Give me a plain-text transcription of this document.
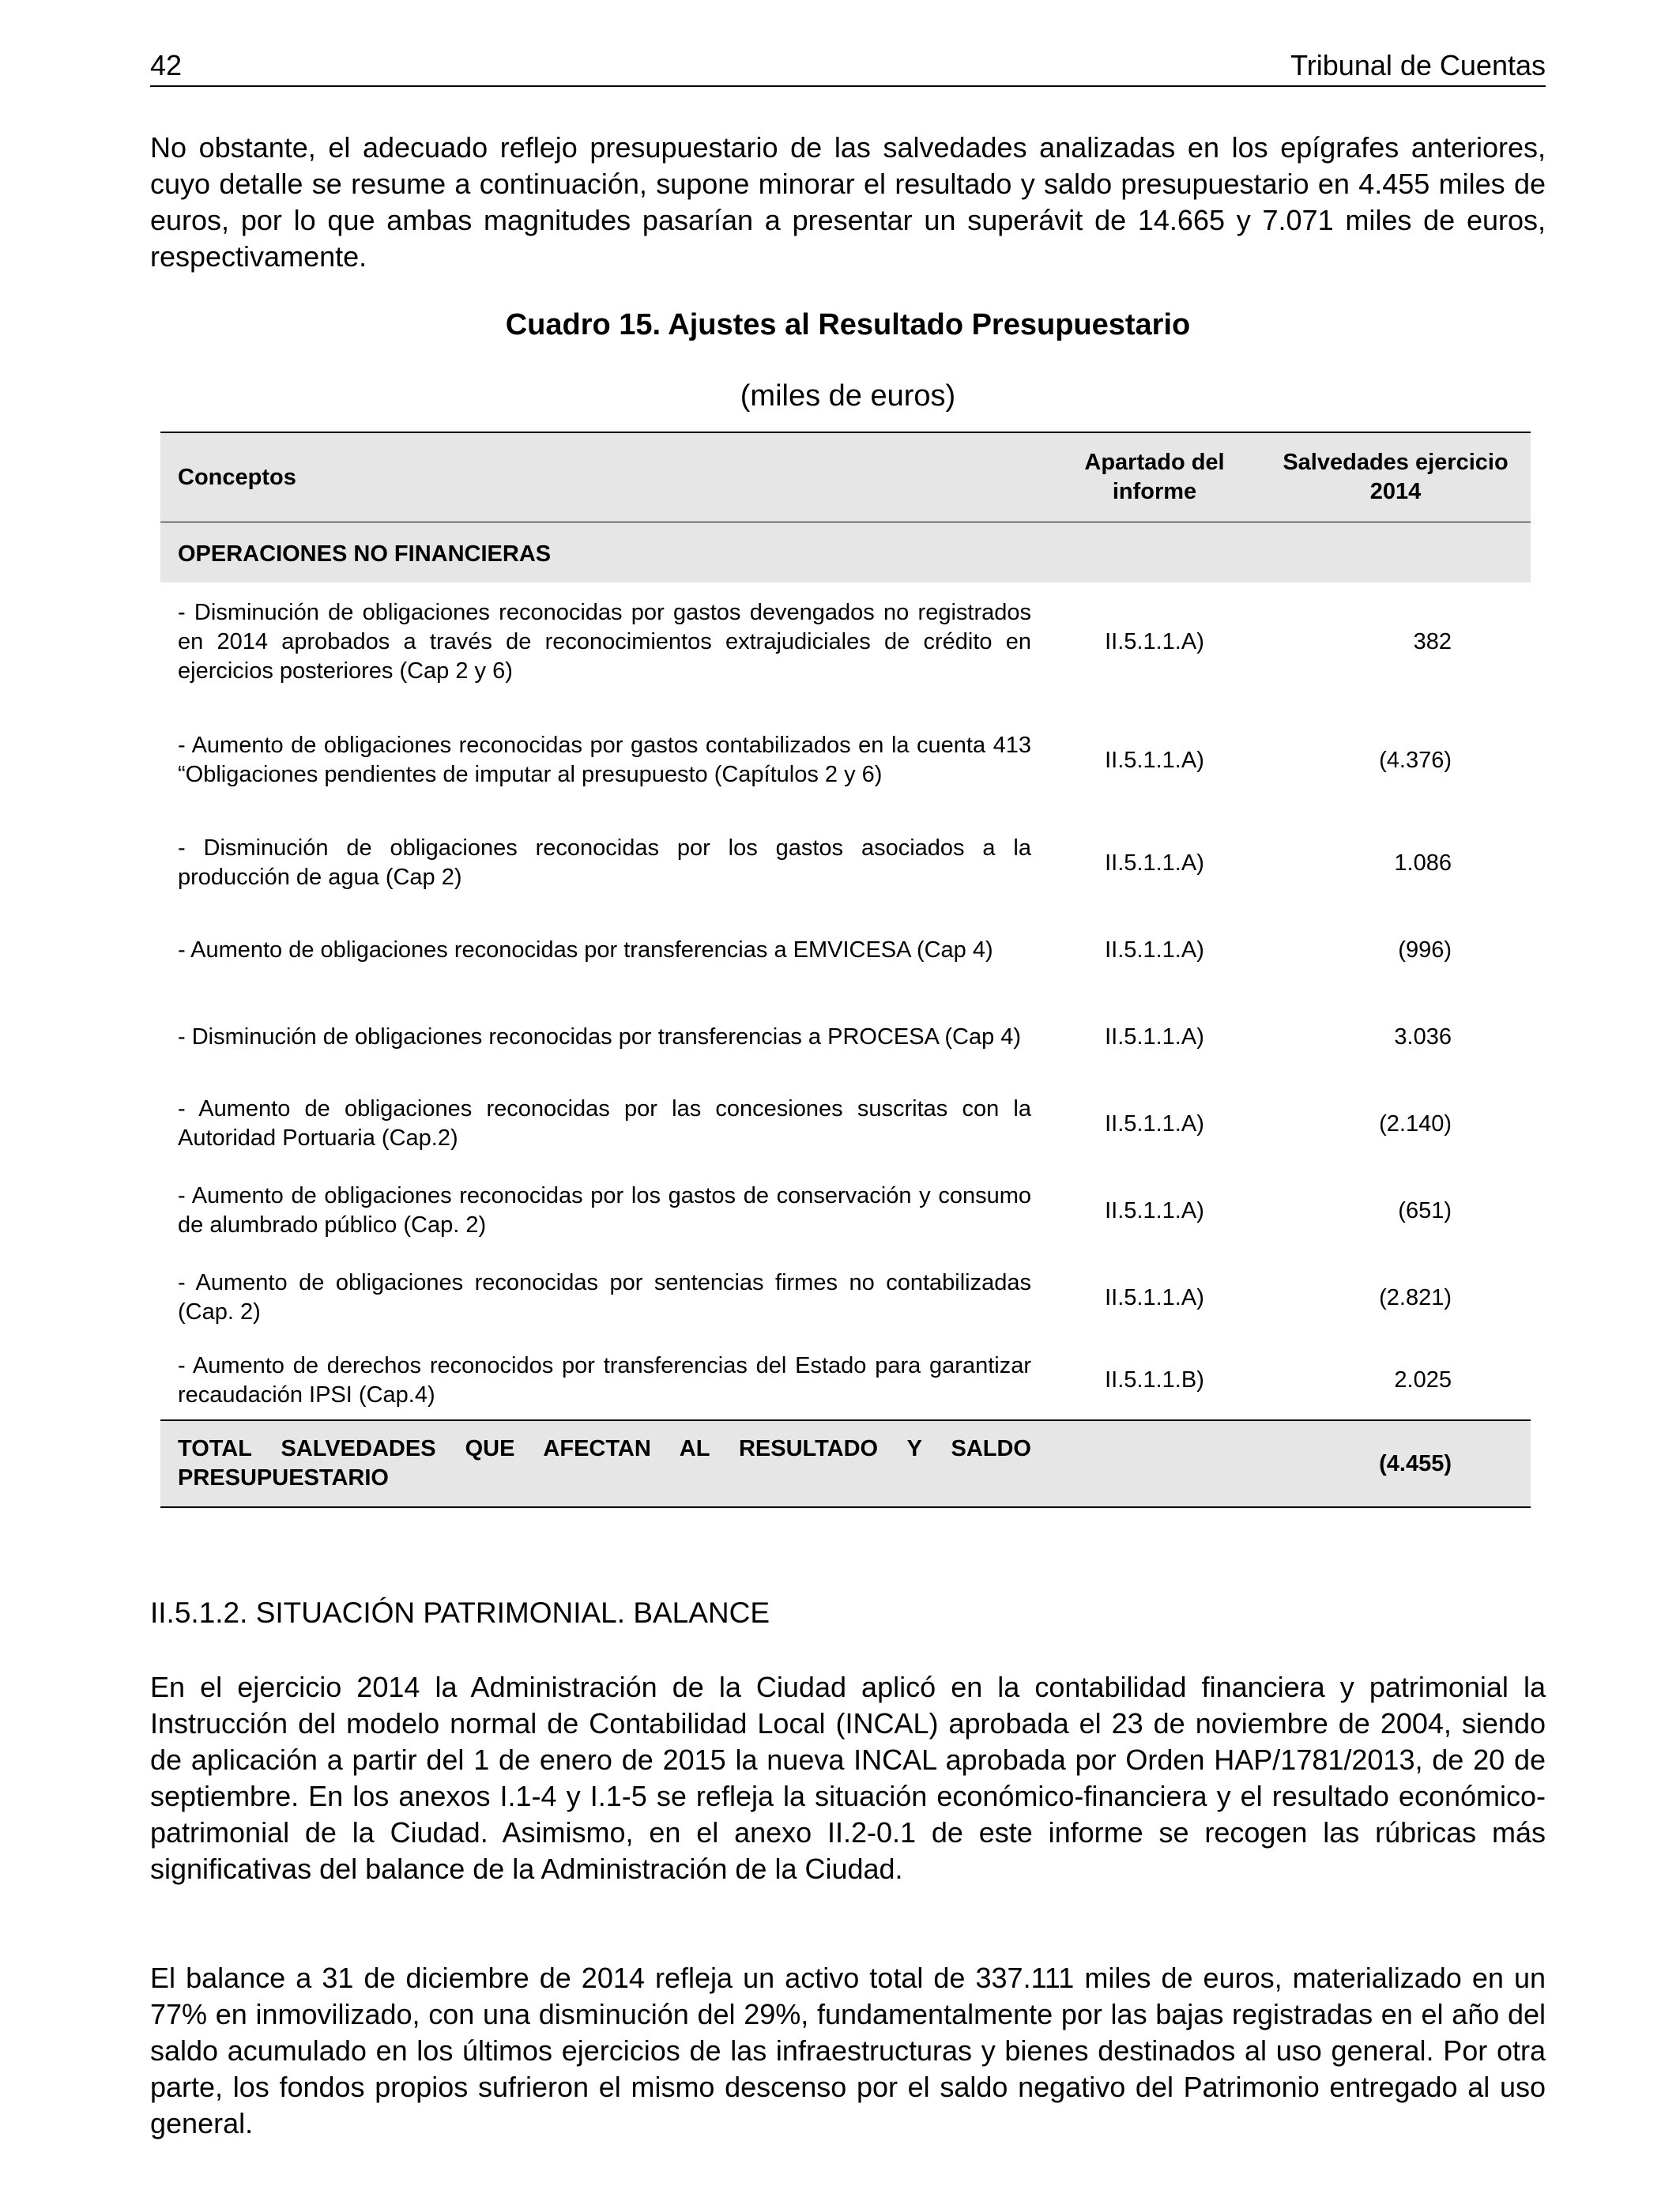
42	Tribunal de Cuentas

No obstante, el adecuado reflejo presupuestario de las salvedades analizadas en los epígrafes anteriores, cuyo detalle se resume a continuación, supone minorar el resultado y saldo presupuestario en 4.455 miles de euros, por lo que ambas magnitudes pasarían a presentar un superávit de 14.665 y 7.071 miles de euros, respectivamente.

Cuadro 15. Ajustes al Resultado Presupuestario
(miles de euros)
Conceptos	Apartado del informe	Salvedades ejercicio 2014
OPERACIONES NO FINANCIERAS		
- Disminución de obligaciones reconocidas por gastos devengados no registrados en 2014 aprobados a través de reconocimientos extrajudiciales de crédito en ejercicios posteriores (Cap 2 y 6)	II.5.1.1.A)	382
- Aumento de obligaciones reconocidas por gastos contabilizados en la cuenta 413 “Obligaciones pendientes de imputar al presupuesto (Capítulos 2 y 6)	II.5.1.1.A)	(4.376)
- Disminución de obligaciones reconocidas por los gastos asociados a la producción de agua (Cap 2)	II.5.1.1.A)	1.086
- Aumento de obligaciones reconocidas por transferencias a EMVICESA (Cap 4)	II.5.1.1.A)	(996)
- Disminución de obligaciones reconocidas por transferencias a PROCESA (Cap 4)	II.5.1.1.A)	3.036
- Aumento de obligaciones reconocidas por las concesiones suscritas con la Autoridad Portuaria (Cap.2)	II.5.1.1.A)	(2.140)
- Aumento de obligaciones reconocidas por los gastos de conservación y consumo de alumbrado público (Cap. 2)	II.5.1.1.A)	(651)
- Aumento de obligaciones reconocidas por sentencias firmes no contabilizadas (Cap. 2)	II.5.1.1.A)	(2.821)
- Aumento de derechos reconocidos por transferencias del Estado para garantizar recaudación IPSI (Cap.4)	II.5.1.1.B)	2.025
TOTAL SALVEDADES QUE AFECTAN AL RESULTADO Y SALDO PRESUPUESTARIO		(4.455)
II.5.1.2. SITUACIÓN PATRIMONIAL. BALANCE

En el ejercicio 2014 la Administración de la Ciudad aplicó en la contabilidad financiera y patrimonial la Instrucción del modelo normal de Contabilidad Local (INCAL) aprobada el 23 de noviembre de 2004, siendo de aplicación a partir del 1 de enero de 2015 la nueva INCAL aprobada por Orden HAP/1781/2013, de 20 de septiembre. En los anexos I.1-4 y I.1-5 se refleja la situación económico-financiera y el resultado económico-patrimonial de la Ciudad. Asimismo, en el anexo II.2-0.1 de este informe se recogen las rúbricas más significativas del balance de la Administración de la Ciudad.

El balance a 31 de diciembre de 2014 refleja un activo total de 337.111 miles de euros, materializado en un 77% en inmovilizado, con una disminución del 29%, fundamentalmente por las bajas registradas en el año del saldo acumulado en los últimos ejercicios de las infraestructuras y bienes destinados al uso general. Por otra parte, los fondos propios sufrieron el mismo descenso por el saldo negativo del Patrimonio entregado al uso general.
